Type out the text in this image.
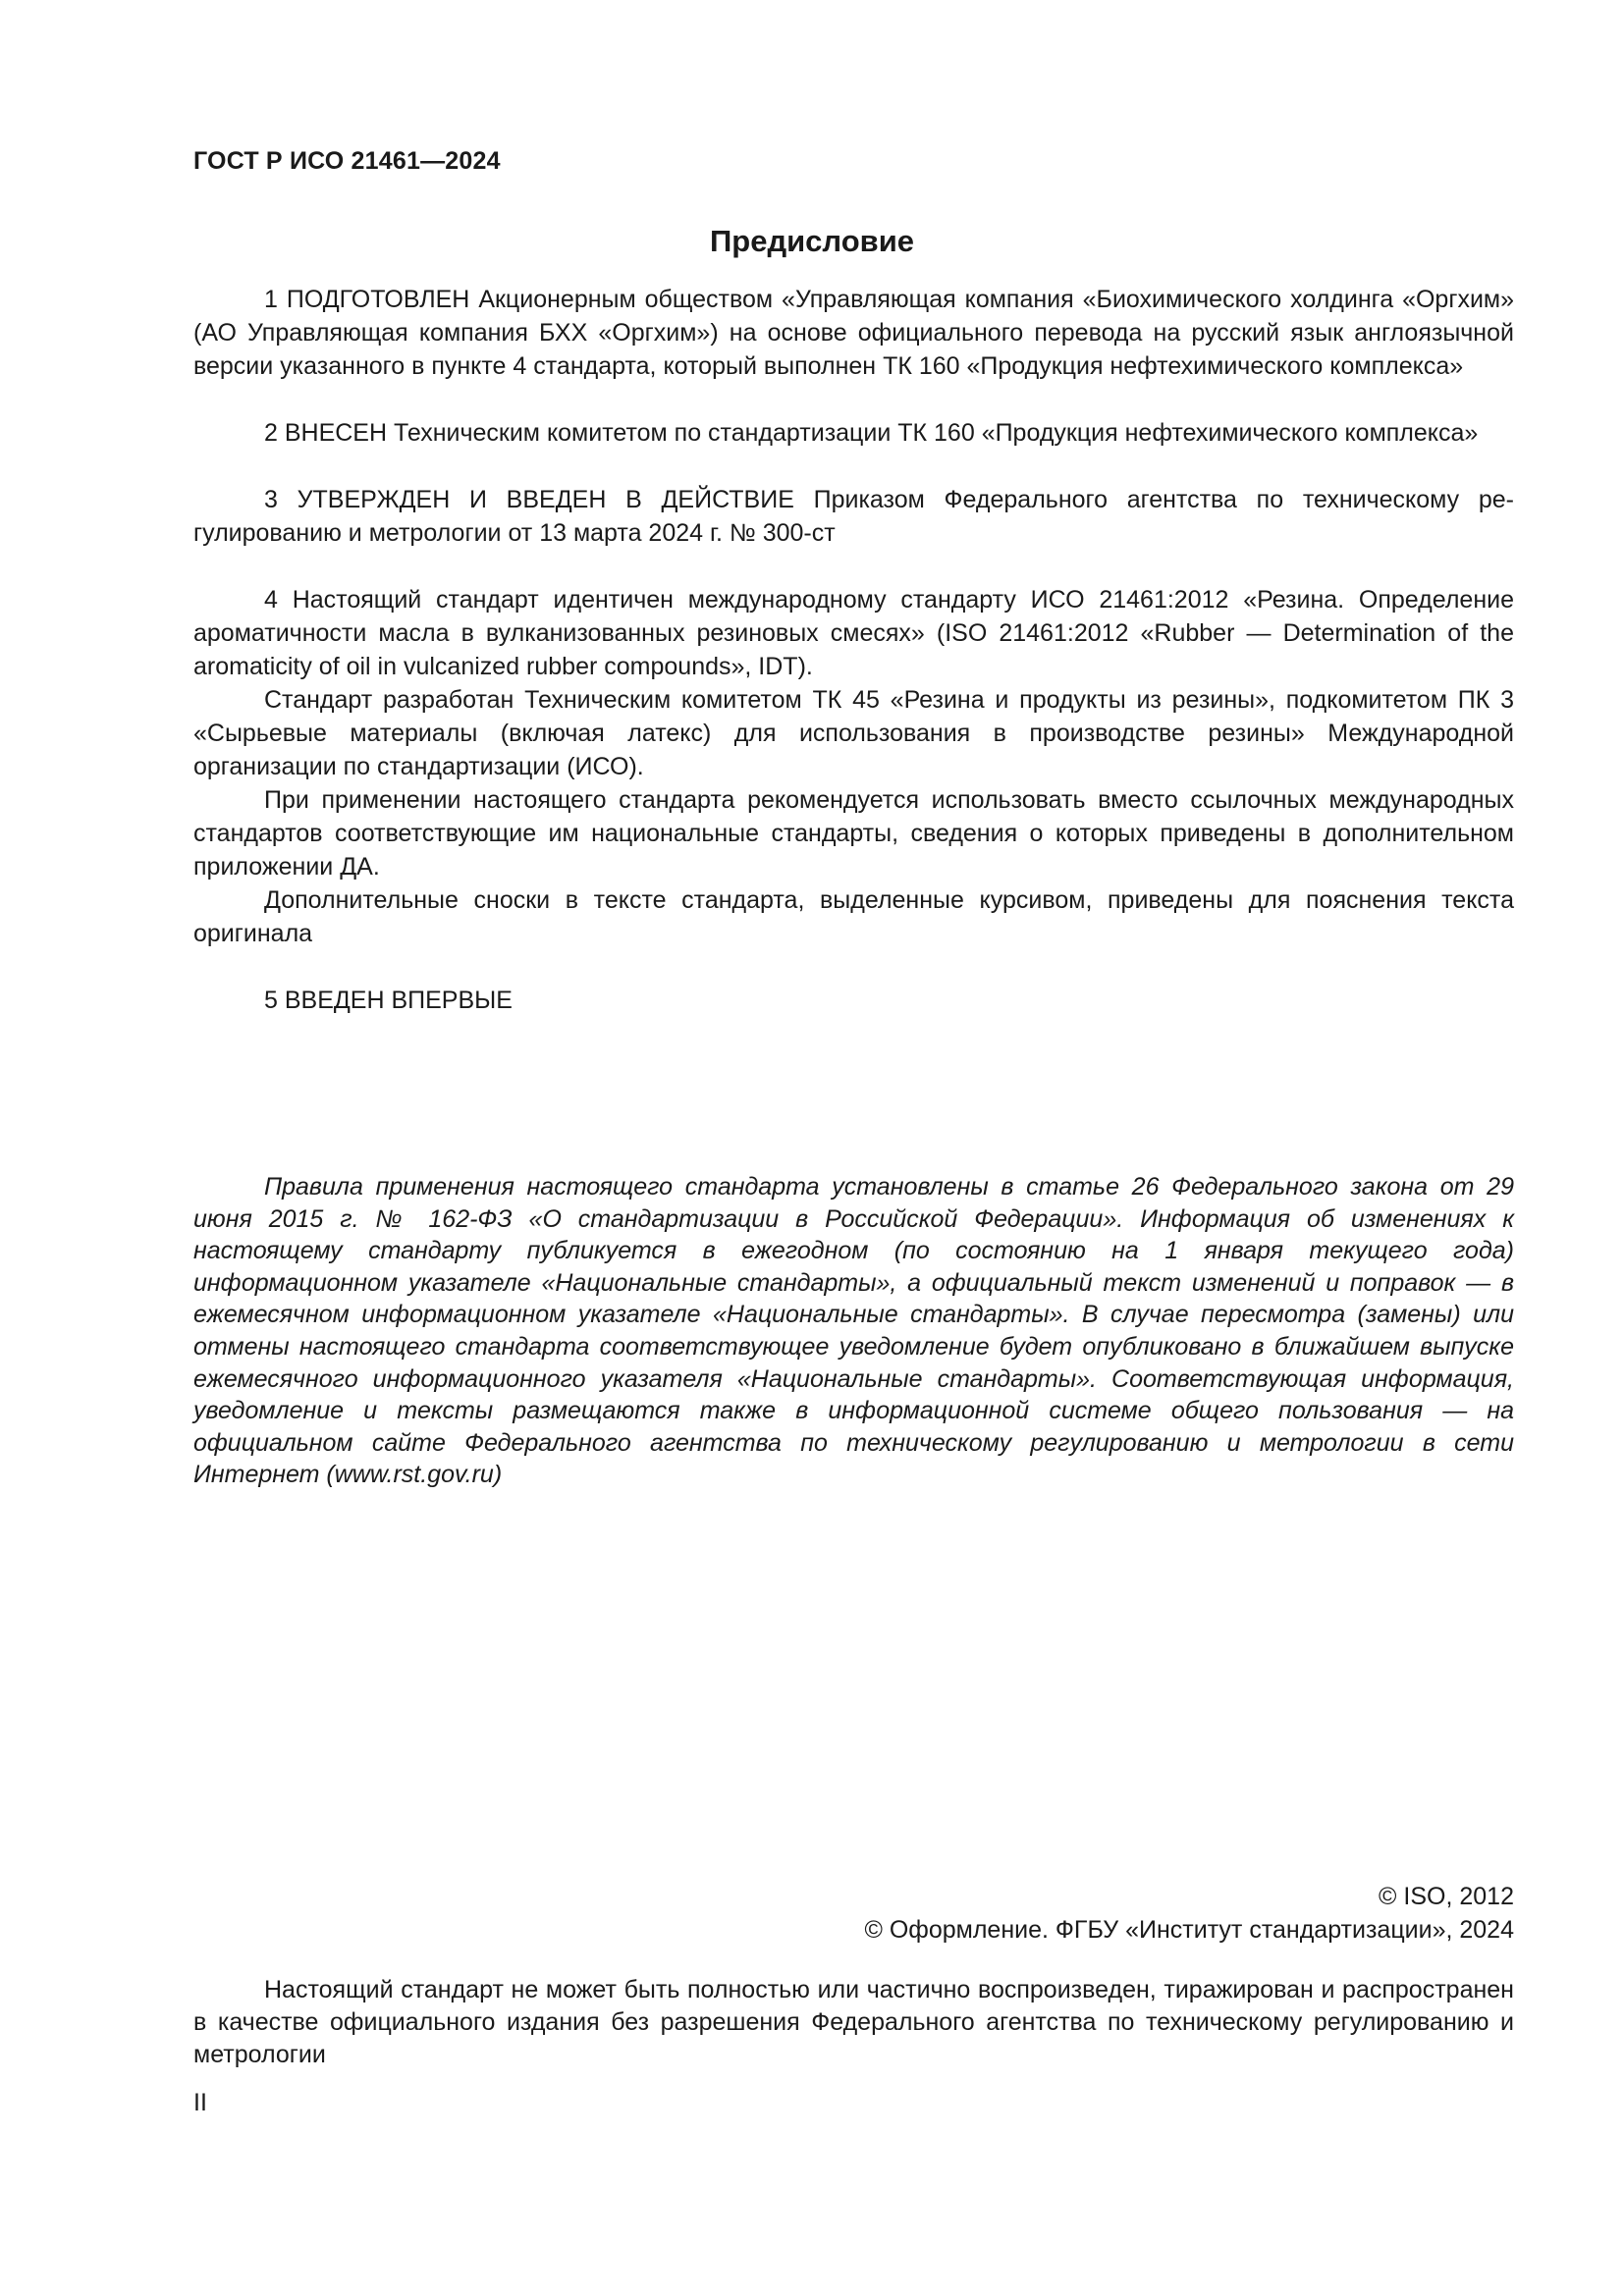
ГОСТ Р ИСО 21461—2024
Предисловие

1 ПОДГОТОВЛЕН Акционерным обществом «Управляющая компания «Биохимического холдинга «Оргхим» (АО Управляющая компания БХХ «Оргхим») на основе официального перевода на русский язык англоязычной версии указанного в пункте 4 стандарта, который выполнен ТК 160 «Продукция нефтехимического комплекса»

2 ВНЕСЕН Техническим комитетом по стандартизации ТК 160 «Продукция нефтехимического комплекса»

3 УТВЕРЖДЕН И ВВЕДЕН В ДЕЙСТВИЕ Приказом Федерального агентства по техническому регулированию и метрологии от 13 марта 2024 г. № 300-ст

4 Настоящий стандарт идентичен международному стандарту ИСО 21461:2012 «Резина. Определение ароматичности масла в вулканизованных резиновых смесях» (ISO 21461:2012 «Rubber — Determination of the aromaticity of oil in vulcanized rubber compounds», IDT).

Стандарт разработан Техническим комитетом ТК 45 «Резина и продукты из резины», подкомитетом ПК 3 «Сырьевые материалы (включая латекс) для использования в производстве резины» Международной организации по стандартизации (ИСО).

При применении настоящего стандарта рекомендуется использовать вместо ссылочных международных стандартов соответствующие им национальные стандарты, сведения о которых приведены в дополнительном приложении ДА.

Дополнительные сноски в тексте стандарта, выделенные курсивом, приведены для пояснения текста оригинала

5 ВВЕДЕН ВПЕРВЫЕ

Правила применения настоящего стандарта установлены в статье 26 Федерального закона от 29 июня 2015 г. № 162-ФЗ «О стандартизации в Российской Федерации». Информация об изменениях к настоящему стандарту публикуется в ежегодном (по состоянию на 1 января текущего года) информационном указателе «Национальные стандарты», а официальный текст изменений и поправок — в ежемесячном информационном указателе «Национальные стандарты». В случае пересмотра (замены) или отмены настоящего стандарта соответствующее уведомление будет опубликовано в ближайшем выпуске ежемесячного информационного указателя «Национальные стандарты». Соответствующая информация, уведомление и тексты размещаются также в информационной системе общего пользования — на официальном сайте Федерального агентства по техническому регулированию и метрологии в сети Интернет (www.rst.gov.ru)

© ISO, 2012
© Оформление. ФГБУ «Институт стандартизации», 2024

Настоящий стандарт не может быть полностью или частично воспроизведен, тиражирован и распространен в качестве официального издания без разрешения Федерального агентства по техническому регулированию и метрологии

II
